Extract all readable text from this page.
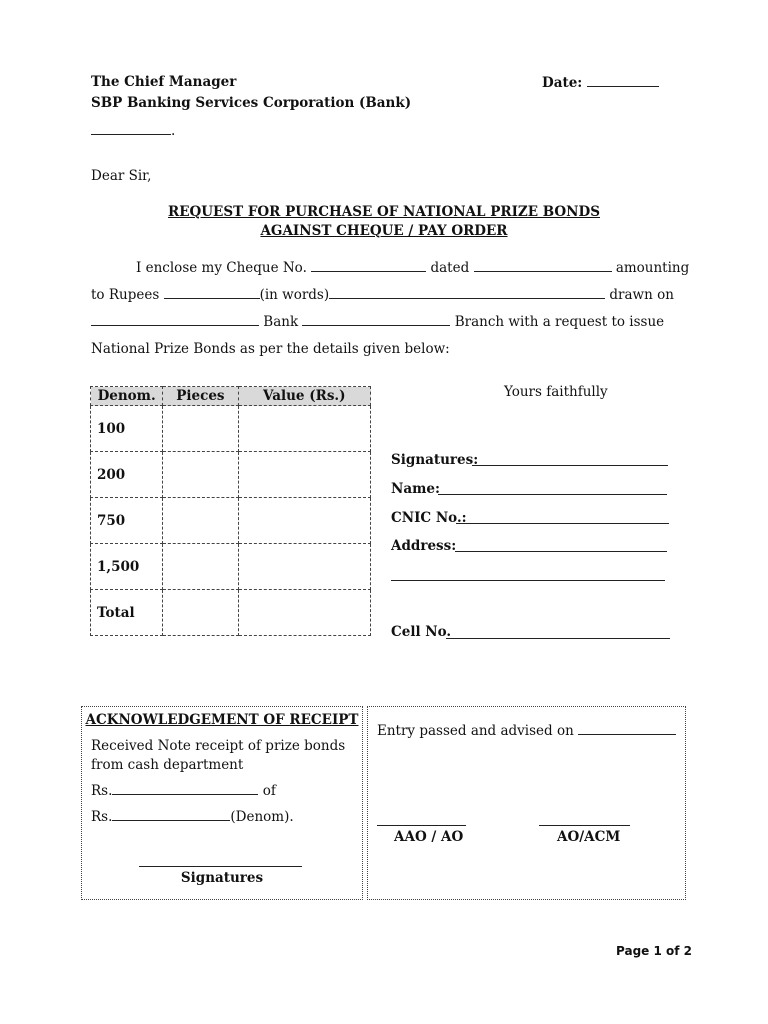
The Chief Manager
SBP Banking Services Corporation (Bank)
.
Date:
Dear Sir,
REQUEST FOR PURCHASE OF NATIONAL PRIZE BONDS
AGAINST CHEQUE / PAY ORDER
I enclose my Cheque No.	dated	amounting
to Rupees	(in words)	drawn on
Bank	Branch with a request to issue
National Prize Bonds as per the details given below:
Denom.	Pieces	Value (Rs.)
100		
200		
750		
1,500		
Total		
Yours faithfully
Signatures:
Name:
CNIC No.:
Address:
Cell No.
ACKNOWLEDGEMENT OF RECEIPT
Received Note receipt of prize bonds
from cash department
Rs.	of
Rs.	(Denom).
Signatures
Entry passed and advised on
AAO / AO	AO/ACM
Page 1 of 2
